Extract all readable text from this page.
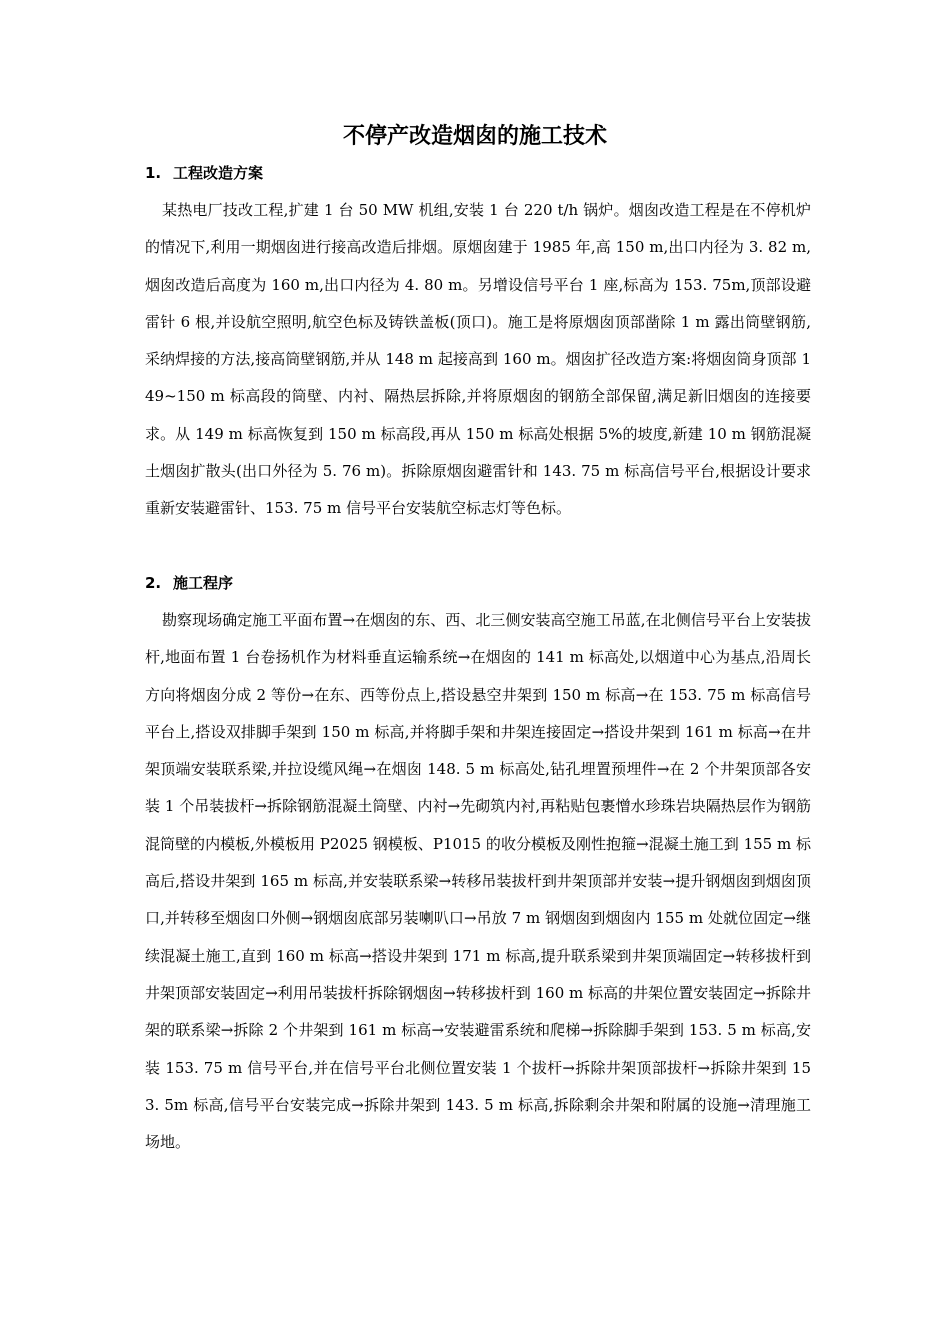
不停产改造烟囱的施工技术
1. 工程改造方案

某热电厂技改工程,扩建 1 台 50 MW 机组,安装 1 台 220 t/h 锅炉。烟囱改造工程是在不停机炉的情况下,利用一期烟囱进行接高改造后排烟。原烟囱建于 1985 年,高 150 m,出口内径为 3. 82 m,烟囱改造后高度为 160 m,出口内径为 4. 80 m。另增设信号平台 1 座,标高为 153. 75m,顶部设避雷针 6 根,并设航空照明,航空色标及铸铁盖板(顶口)。施工是将原烟囱顶部凿除 1 m 露出筒壁钢筋,采纳焊接的方法,接高筒壁钢筋,并从 148 m 起接高到 160 m。烟囱扩径改造方案:将烟囱筒身顶部 149~150 m 标高段的筒壁、内衬、隔热层拆除,并将原烟囱的钢筋全部保留,满足新旧烟囱的连接要求。从 149 m 标高恢复到 150 m 标高段,再从 150 m 标高处根据 5%的坡度,新建 10 m 钢筋混凝土烟囱扩散头(出口外径为 5. 76 m)。拆除原烟囱避雷针和 143. 75 m 标高信号平台,根据设计要求重新安装避雷针、153. 75 m 信号平台安装航空标志灯等色标。

2. 施工程序

勘察现场确定施工平面布置→在烟囱的东、西、北三侧安装高空施工吊蓝,在北侧信号平台上安装拔杆,地面布置 1 台卷扬机作为材料垂直运输系统→在烟囱的 141 m 标高处,以烟道中心为基点,沿周长方向将烟囱分成 2 等份→在东、西等份点上,搭设悬空井架到 150 m 标高→在 153. 75 m 标高信号平台上,搭设双排脚手架到 150 m 标高,并将脚手架和井架连接固定→搭设井架到 161 m 标高→在井架顶端安装联系梁,并拉设缆风绳→在烟囱 148. 5 m 标高处,钻孔埋置预埋件→在 2 个井架顶部各安装 1 个吊装拔杆→拆除钢筋混凝土筒壁、内衬→先砌筑内衬,再粘贴包裹憎水珍珠岩块隔热层作为钢筋混筒壁的内模板,外模板用 P2025 钢模板、P1015 的收分模板及刚性抱箍→混凝土施工到 155 m 标高后,搭设井架到 165 m 标高,并安装联系梁→转移吊装拔杆到井架顶部并安装→提升钢烟囱到烟囱顶口,并转移至烟囱口外侧→钢烟囱底部另装喇叭口→吊放 7 m 钢烟囱到烟囱内 155 m 处就位固定→继续混凝土施工,直到 160 m 标高→搭设井架到 171 m 标高,提升联系梁到井架顶端固定→转移拔杆到井架顶部安装固定→利用吊装拔杆拆除钢烟囱→转移拔杆到 160 m 标高的井架位置安装固定→拆除井架的联系梁→拆除 2 个井架到 161 m 标高→安装避雷系统和爬梯→拆除脚手架到 153. 5 m 标高,安装 153. 75 m 信号平台,并在信号平台北侧位置安装 1 个拔杆→拆除井架顶部拔杆→拆除井架到 153. 5m 标高,信号平台安装完成→拆除井架到 143. 5 m 标高,拆除剩余井架和附属的设施→清理施工场地。
